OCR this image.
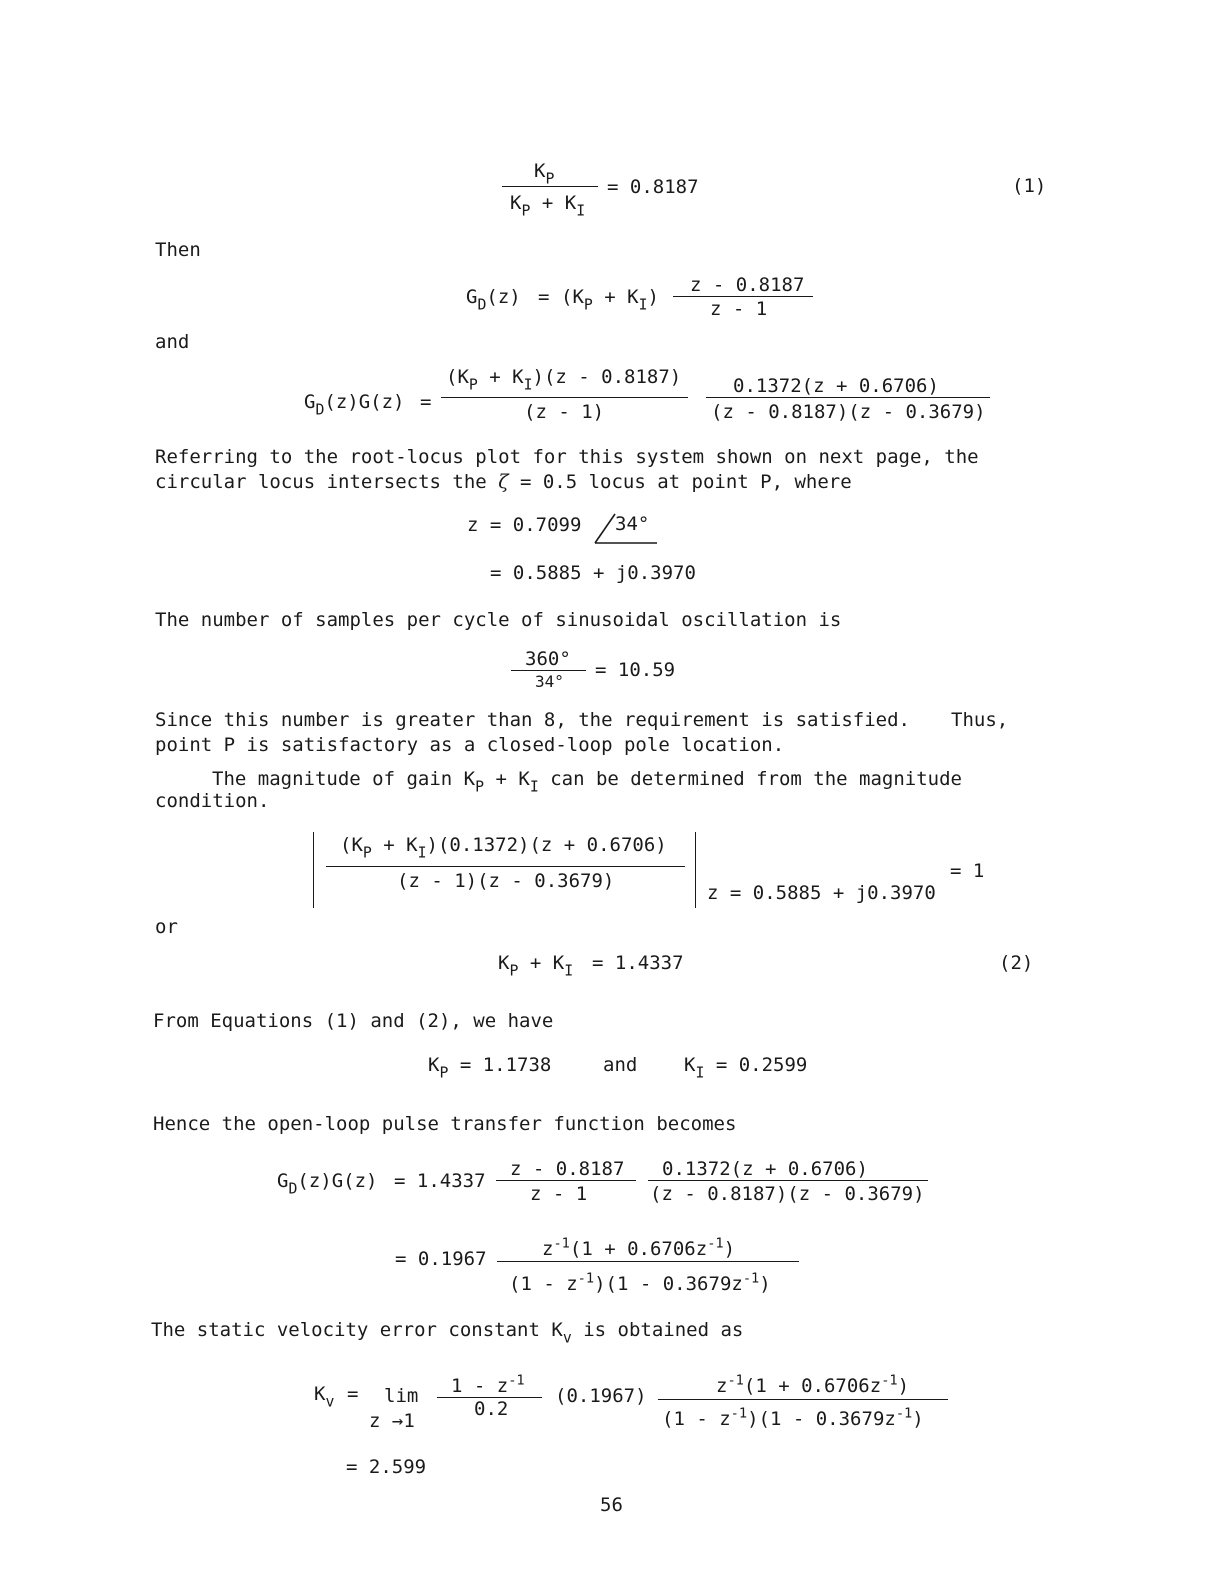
$K_P$
$K_P + K_I$
= 0.8187	(1)
Then
$G_D(z) = (K_P + K_I)$
z - 0.8187
z - 1
and
$G_D(z)G(z)$ =
$(K_P + K_I)(z - 0.8187)$
(z - 1)
0.1372(z + 0.6706)
(z - 0.8187)(z - 0.3679)
Referring to the root-locus plot for this system shown on next page, the
circular locus intersects the ζ = 0.5 locus at point P, where
z = 0.7099 34°
= 0.5885 + j0.3970
The number of samples per cycle of sinusoidal oscillation is
360°
34°
= 10.59
Since this number is greater than 8, the requirement is satisfied. Thus,
point P is satisfactory as a closed-loop pole location.
The magnitude of gain $K_P + K_I$ can be determined from the magnitude
condition.
$(K_P + K_I)(0.1372)(z + 0.6706)$
(z - 1)(z - 0.3679)
z = 0.5885 + j0.3970
= 1
or
$K_P + K_I = 1.4337$	(2)
From Equations (1) and (2), we have
$K_P = 1.1738$	and $K_I = 0.2599$
Hence the open-loop pulse transfer function becomes
$G_D(z)G(z) = 1.4337$
z - 0.8187
z - 1
0.1372(z + 0.6706)
(z - 0.8187)(z - 0.3679)
= 0.1967	$z^{-1}(1 + 0.6706z^{-1})$
$(1 - z^{-1})(1 - 0.3679z^{-1})$
The static velocity error constant $K_v$ is obtained as
$K_v = \lim$
z →1
$1 - z^{-1}$
0.2
(0.1967)	$z^{-1}(1 + 0.6706z^{-1})$
$(1 - z^{-1})(1 - 0.3679z^{-1})$
= 2.599
56
